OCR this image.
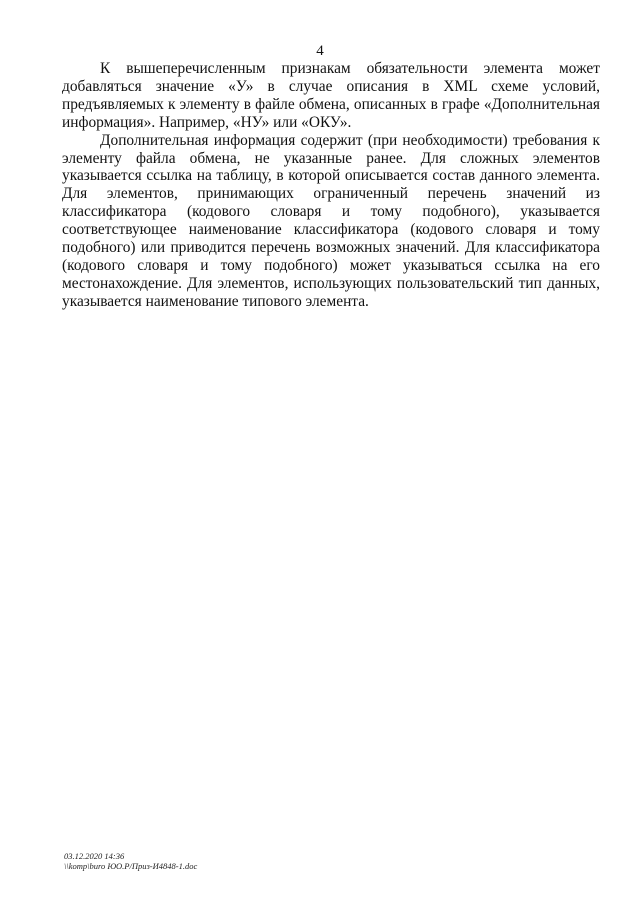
4

К вышеперечисленным признакам обязательности элемента может добавляться значение «У» в случае описания в XML схеме условий, предъявляемых к элементу в файле обмена, описанных в графе «Дополнительная информация». Например, «НУ» или «ОКУ».

Дополнительная информация содержит (при необходимости) требования к элементу файла обмена, не указанные ранее. Для сложных элементов указывается ссылка на таблицу, в которой описывается состав данного элемента. Для элементов, принимающих ограниченный перечень значений из классификатора (кодового словаря и тому подобного), указывается соответствующее наименование классификатора (кодового словаря и тому подобного) или приводится перечень возможных значений. Для классификатора (кодового словаря и тому подобного) может указываться ссылка на его местонахождение. Для элементов, использующих пользовательский тип данных, указывается наименование типового элемента.

03.12.2020 14:36
\\komp\buro ЮО.Р/Приз-И4848-1.doc
